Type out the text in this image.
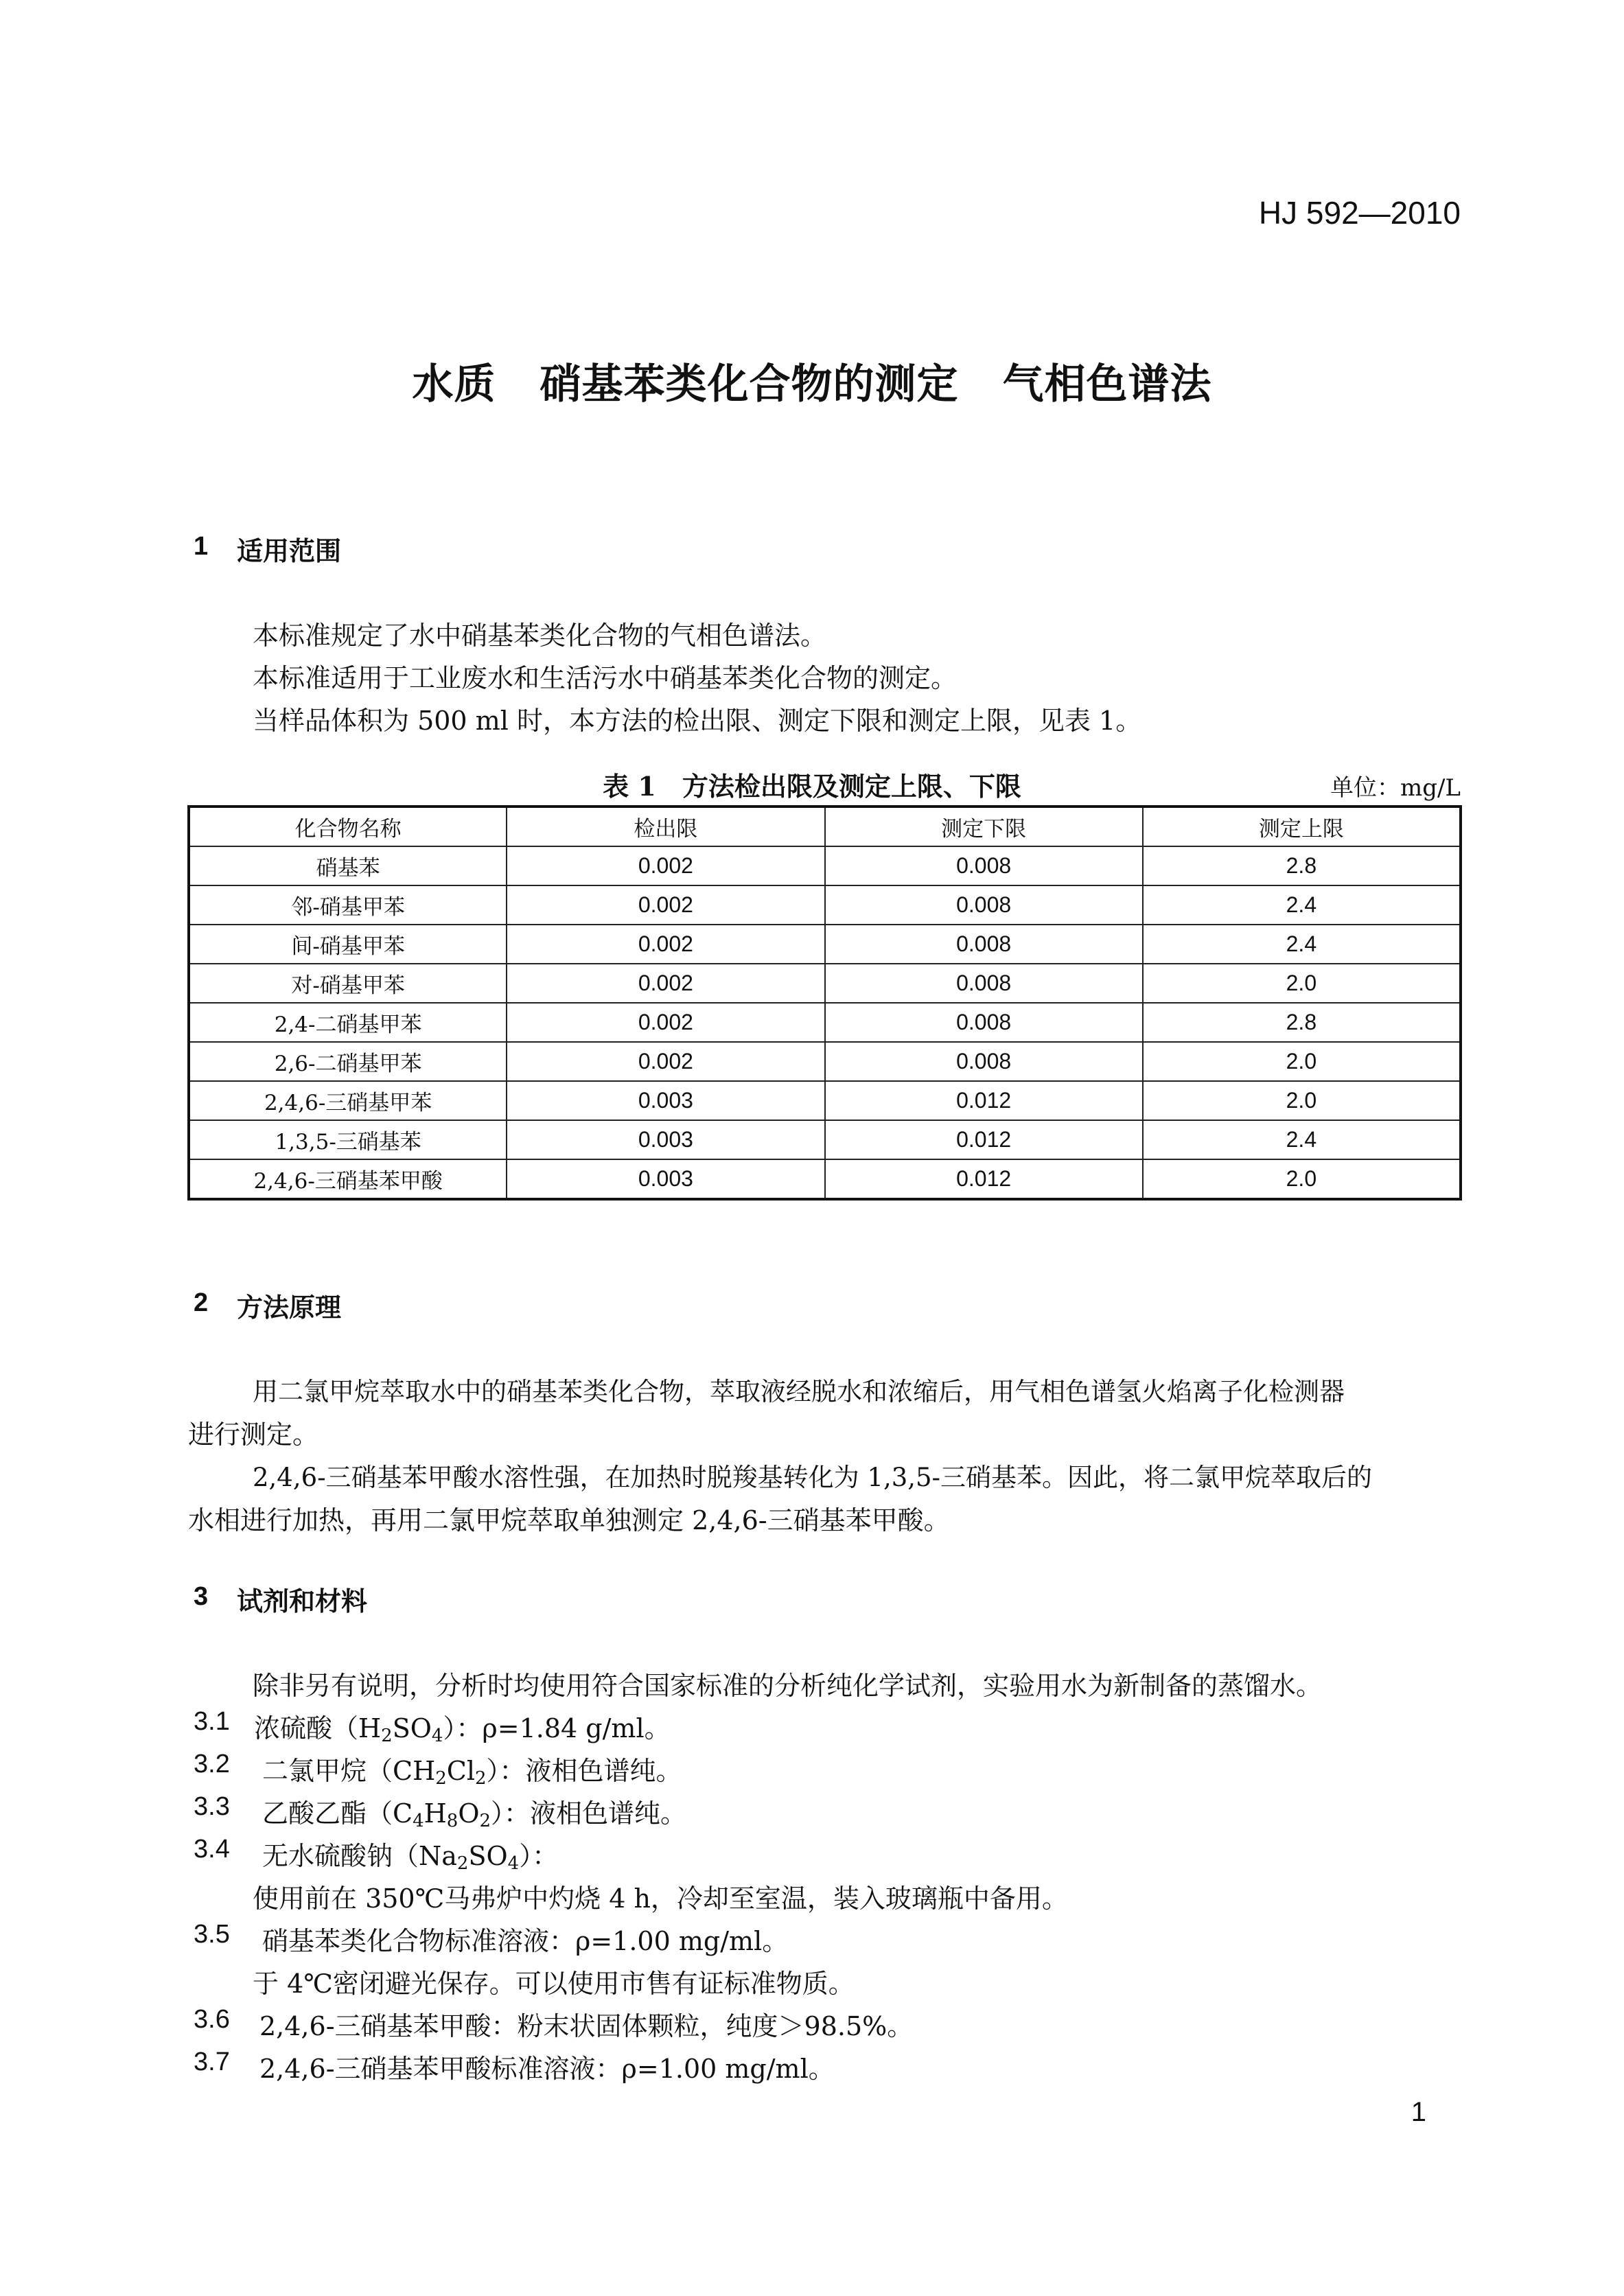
HJ 592—2010
水质 硝基苯类化合物的测定 气相色谱法
1 适用范围
本标准规定了水中硝基苯类化合物的气相色谱法。
本标准适用于工业废水和生活污水中硝基苯类化合物的测定。
当样品体积为 500 ml 时，本方法的检出限、测定下限和测定上限，见表 1。
表 1　方法检出限及测定上限、下限	单位：mg/L
化合物名称	检出限	测定下限	测定上限
硝基苯	0.002	0.008	2.8
邻-硝基甲苯	0.002	0.008	2.4
间-硝基甲苯	0.002	0.008	2.4
对-硝基甲苯	0.002	0.008	2.0
2,4-二硝基甲苯	0.002	0.008	2.8
2,6-二硝基甲苯	0.002	0.008	2.0
2,4,6-三硝基甲苯	0.003	0.012	2.0
1,3,5-三硝基苯	0.003	0.012	2.4
2,4,6-三硝基苯甲酸	0.003	0.012	2.0
2 方法原理
用二氯甲烷萃取水中的硝基苯类化合物，萃取液经脱水和浓缩后，用气相色谱氢火焰离子化检测器
进行测定。
2,4,6-三硝基苯甲酸水溶性强，在加热时脱羧基转化为 1,3,5-三硝基苯。因此，将二氯甲烷萃取后的
水相进行加热，再用二氯甲烷萃取单独测定 2,4,6-三硝基苯甲酸。
3 试剂和材料
除非另有说明，分析时均使用符合国家标准的分析纯化学试剂，实验用水为新制备的蒸馏水。
3.1 浓硫酸$(H_2SO_4)$：ρ=1.84 g/ml。
3.2 二氯甲烷$(CH_2Cl_2)$：液相色谱纯。
3.3 乙酸乙酯$(C_4H_8O_2)$：液相色谱纯。
3.4 无水硫酸钠$(Na_2SO_4)$：
使用前在 350℃马弗炉中灼烧 4 h，冷却至室温，装入玻璃瓶中备用。
3.5 硝基苯类化合物标准溶液：ρ=1.00 mg/ml。
于 4℃密闭避光保存。可以使用市售有证标准物质。
3.6 2,4,6-三硝基苯甲酸：粉末状固体颗粒，纯度＞98.5%。
3.7 2,4,6-三硝基苯甲酸标准溶液：ρ=1.00 mg/ml。
1
